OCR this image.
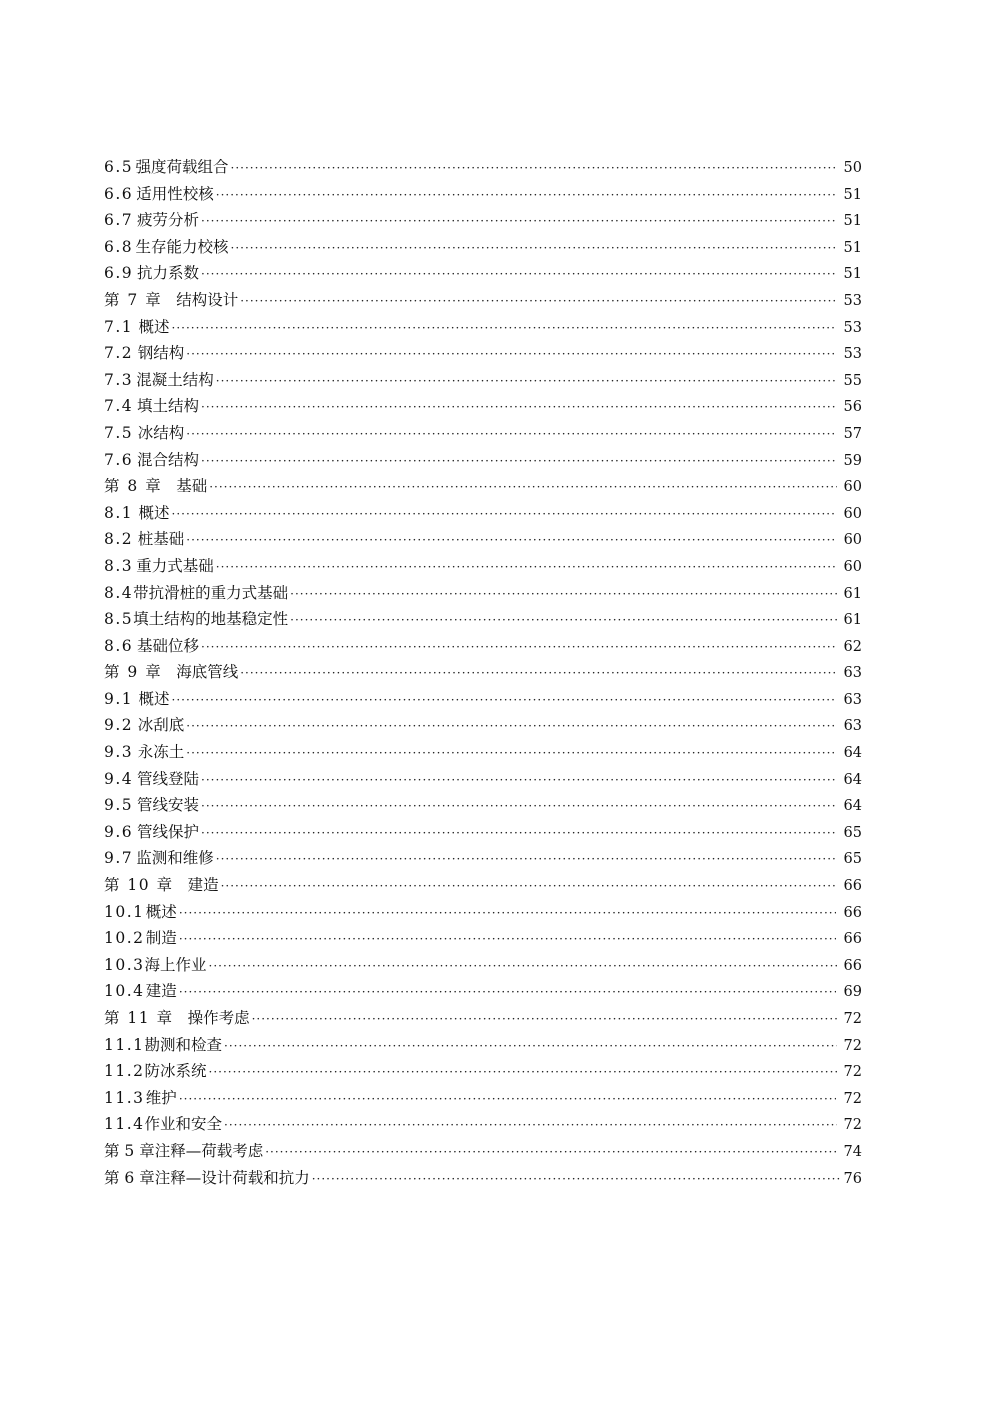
6.5 强度荷载组合 ·····	50
6.6 适用性校核 ·····	51
6.7 疲劳分析 ·····	51
6.8 生存能力校核 ·····	51
6.9 抗力系数 ·····	51
第 7 章 结构设计 ·····	53
7.1 概述 ·····	53
7.2 钢结构 ·····	53
7.3 混凝土结构 ·····	55
7.4 填土结构 ·····	56
7.5 冰结构 ·····	57
7.6 混合结构 ·····	59
第 8 章 基础 ·····	60
8.1 概述 ·····	60
8.2 桩基础 ·····	60
8.3 重力式基础 ·····	60
8.4 带抗滑桩的重力式基础 ·····	61
8.5 填土结构的地基稳定性 ·····	61
8.6 基础位移 ·····	62
第 9 章 海底管线 ·····	63
9.1 概述 ·····	63
9.2 冰刮底 ·····	63
9.3 永冻土 ·····	64
9.4 管线登陆 ·····	64
9.5 管线安装 ·····	64
9.6 管线保护 ·····	65
9.7 监测和维修 ·····	65
第 10 章 建造 ·····	66
10.1 概述 ·····	66
10.2 制造 ·····	66
10.3 海上作业 ·····	66
10.4 建造 ·····	69
第 11 章 操作考虑 ·····	72
11.1 勘测和检查 ·····	72
11.2 防冰系统 ·····	72
11.3 维护 ·····	72
11.4 作业和安全 ·····	72
第 5 章注释—荷载考虑 ·····	74
第 6 章注释—设计荷载和抗力 ·····	76
